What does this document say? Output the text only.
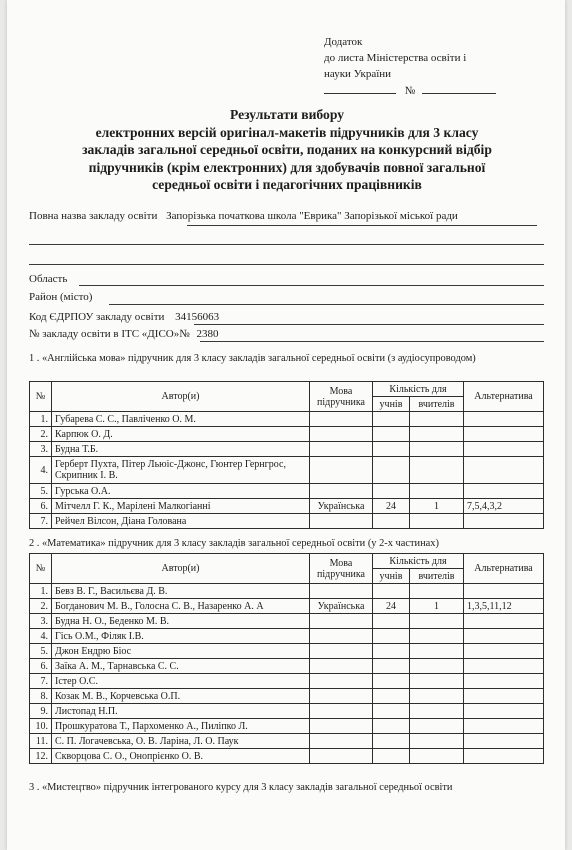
Додаток
до листа Міністерства освіти і
науки України
№
Результати вибору
електронних версій оригінал-макетів підручників для 3 класу
закладів загальної середньої освіти, поданих на конкурсний відбір
підручників (крім електронних) для здобувачів повної загальної
середньої освіти і педагогічних працівників
Повна назва закладу освіти Запорізька початкова школа "Еврика" Запорізької міської ради
Область
Район (місто)
Код ЄДРПОУ закладу освіти 34156063
№ закладу освіти в ІТС «ДІСО»№ 2380
1 . «Англійська мова» підручник для 3 класу закладів загальної середньої освіти (з аудіосупроводом)
№	Автор(и)	Мова підручника	Кількість для		Альтернатива
			учнів	вчителів	
1.	Губарева С. С., Павліченко О. М.				
2.	Карпюк О. Д.				
3.	Будна Т.Б.				
4.	Герберт Пухта, Пітер Льюіс-Джонс, Гюнтер Гернгрос, Скрипник І. В.				
5.	Гурська О.А.				
6.	Мітчелл Г. К., Марілені Малкогіанні	Українська	24	1	7,5,4,3,2
7.	Рейчел Вілсон, Діана Голована				
2 . «Математика» підручник для 3 класу закладів загальної середньої освіти (у 2-х частинах)
№	Автор(и)	Мова підручника	Кількість для		Альтернатива
			учнів	вчителів	
1.	Бевз В. Г., Васильєва Д. В.				
2.	Богданович М. В., Голосна С. В., Назаренко А. А	Українська	24	1	1,3,5,11,12
3.	Будна Н. О., Беденко М. В.				
4.	Гісь О.М., Філяк І.В.				
5.	Джон Ендрю Біос				
6.	Заїка А. М., Тарнавська С. С.				
7.	Істер О.С.				
8.	Козак М. В., Корчевська О.П.				
9.	Листопад Н.П.				
10.	Прошкуратова Т., Пархоменко А., Пиліпко Л.				
11.	С. П. Логачевська, О. В. Ларіна, Л. О. Паук				
12.	Скворцова С. О., Онопрієнко О. В.				
3 . «Мистецтво» підручник інтегрованого курсу для 3 класу закладів загальної середньої освіти
